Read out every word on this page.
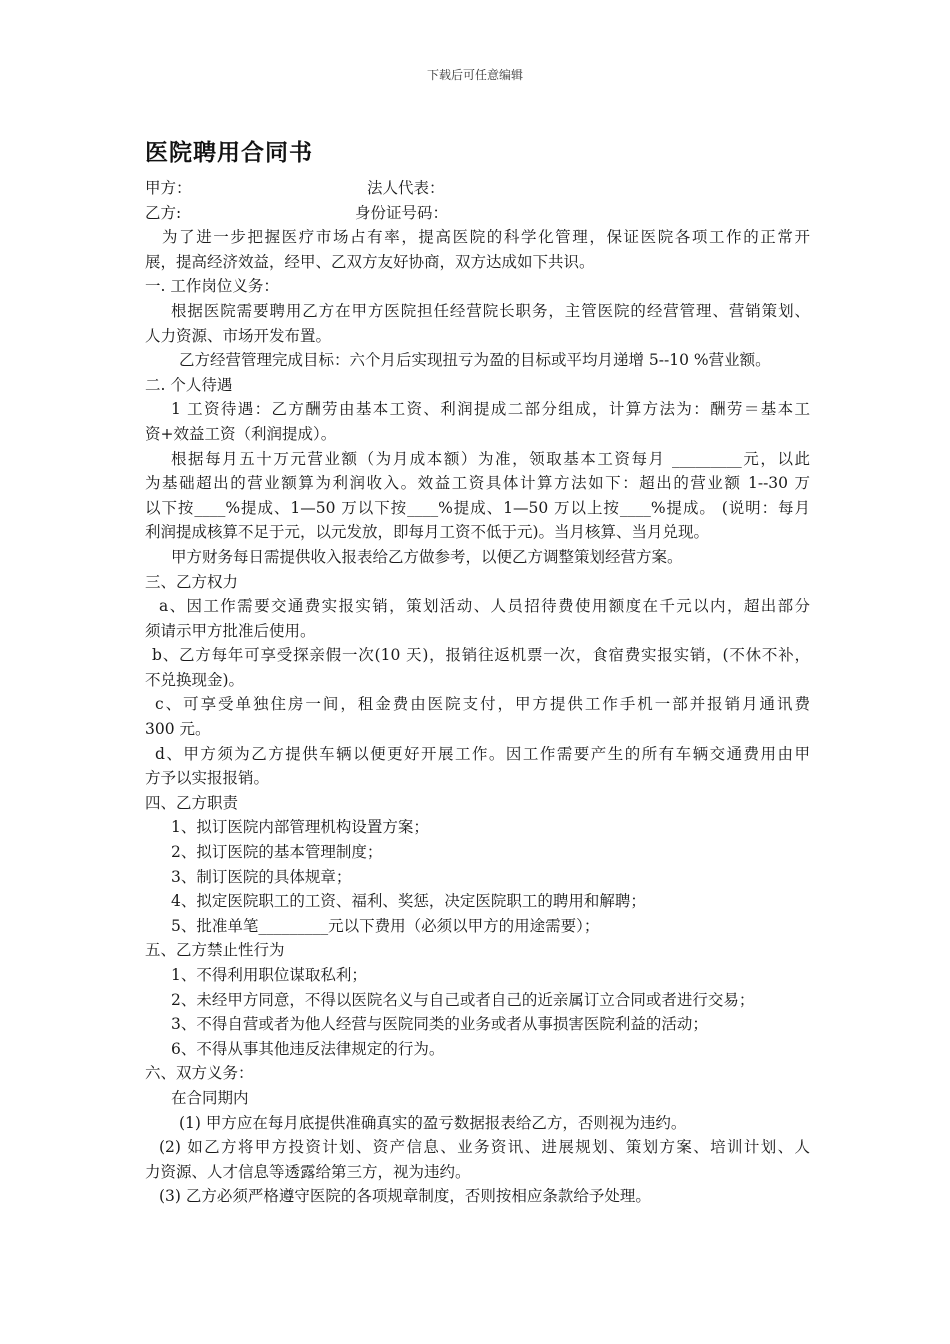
下载后可任意编辑
医院聘用合同书
甲方：	法人代表：
乙方:	身份证号码：
为了进一步把握医疗市场占有率，提高医院的科学化管理，保证医院各项工作的正常开
展，提高经济效益，经甲、乙双方友好协商，双方达成如下共识。
一. 工作岗位义务：
根据医院需要聘用乙方在甲方医院担任经营院长职务，主管医院的经营管理、营销策划、
人力资源、市场开发布置。
乙方经营管理完成目标：六个月后实现扭亏为盈的目标或平均月递增 5--10 %营业额。
二. 个人待遇
1 工资待遇：乙方酬劳由基本工资、利润提成二部分组成，计算方法为：酬劳＝基本工
资+效益工资（利润提成）。
根据每月五十万元营业额（为月成本额）为准，领取基本工资每月 _________元，以此
为基础超出的营业额算为利润收入。效益工资具体计算方法如下：超出的营业额 1--30 万
以下按____%提成、1—50 万以下按____%提成、1—50 万以上按____%提成。 (说明：每月
利润提成核算不足于元，以元发放，即每月工资不低于元)。当月核算、当月兑现。
甲方财务每日需提供收入报表给乙方做参考，以便乙方调整策划经营方案。
三、乙方权力
a、因工作需要交通费实报实销，策划活动、人员招待费使用额度在千元以内，超出部分
须请示甲方批准后使用。
b、乙方每年可享受探亲假一次(10 天)，报销往返机票一次，食宿费实报实销，(不休不补，
不兑换现金)。
c、可享受单独住房一间，租金费由医院支付，甲方提供工作手机一部并报销月通讯费
300 元。
d、甲方须为乙方提供车辆以便更好开展工作。因工作需要产生的所有车辆交通费用由甲
方予以实报报销。
四、乙方职责
1、拟订医院内部管理机构设置方案；
2、拟订医院的基本管理制度；
3、制订医院的具体规章；
4、拟定医院职工的工资、福利、奖惩，决定医院职工的聘用和解聘；
5、批准单笔_________元以下费用（必须以甲方的用途需要）；
五、乙方禁止性行为
1、不得利用职位谋取私利；
2、未经甲方同意，不得以医院名义与自己或者自己的近亲属订立合同或者进行交易；
3、不得自营或者为他人经营与医院同类的业务或者从事损害医院利益的活动；
6、不得从事其他违反法律规定的行为。
六、双方义务：
在合同期内
(1) 甲方应在每月底提供准确真实的盈亏数据报表给乙方，否则视为违约。
(2) 如乙方将甲方投资计划、资产信息、业务资讯、进展规划、策划方案、培训计划、人
力资源、人才信息等透露给第三方，视为违约。
(3) 乙方必须严格遵守医院的各项规章制度，否则按相应条款给予处理。
